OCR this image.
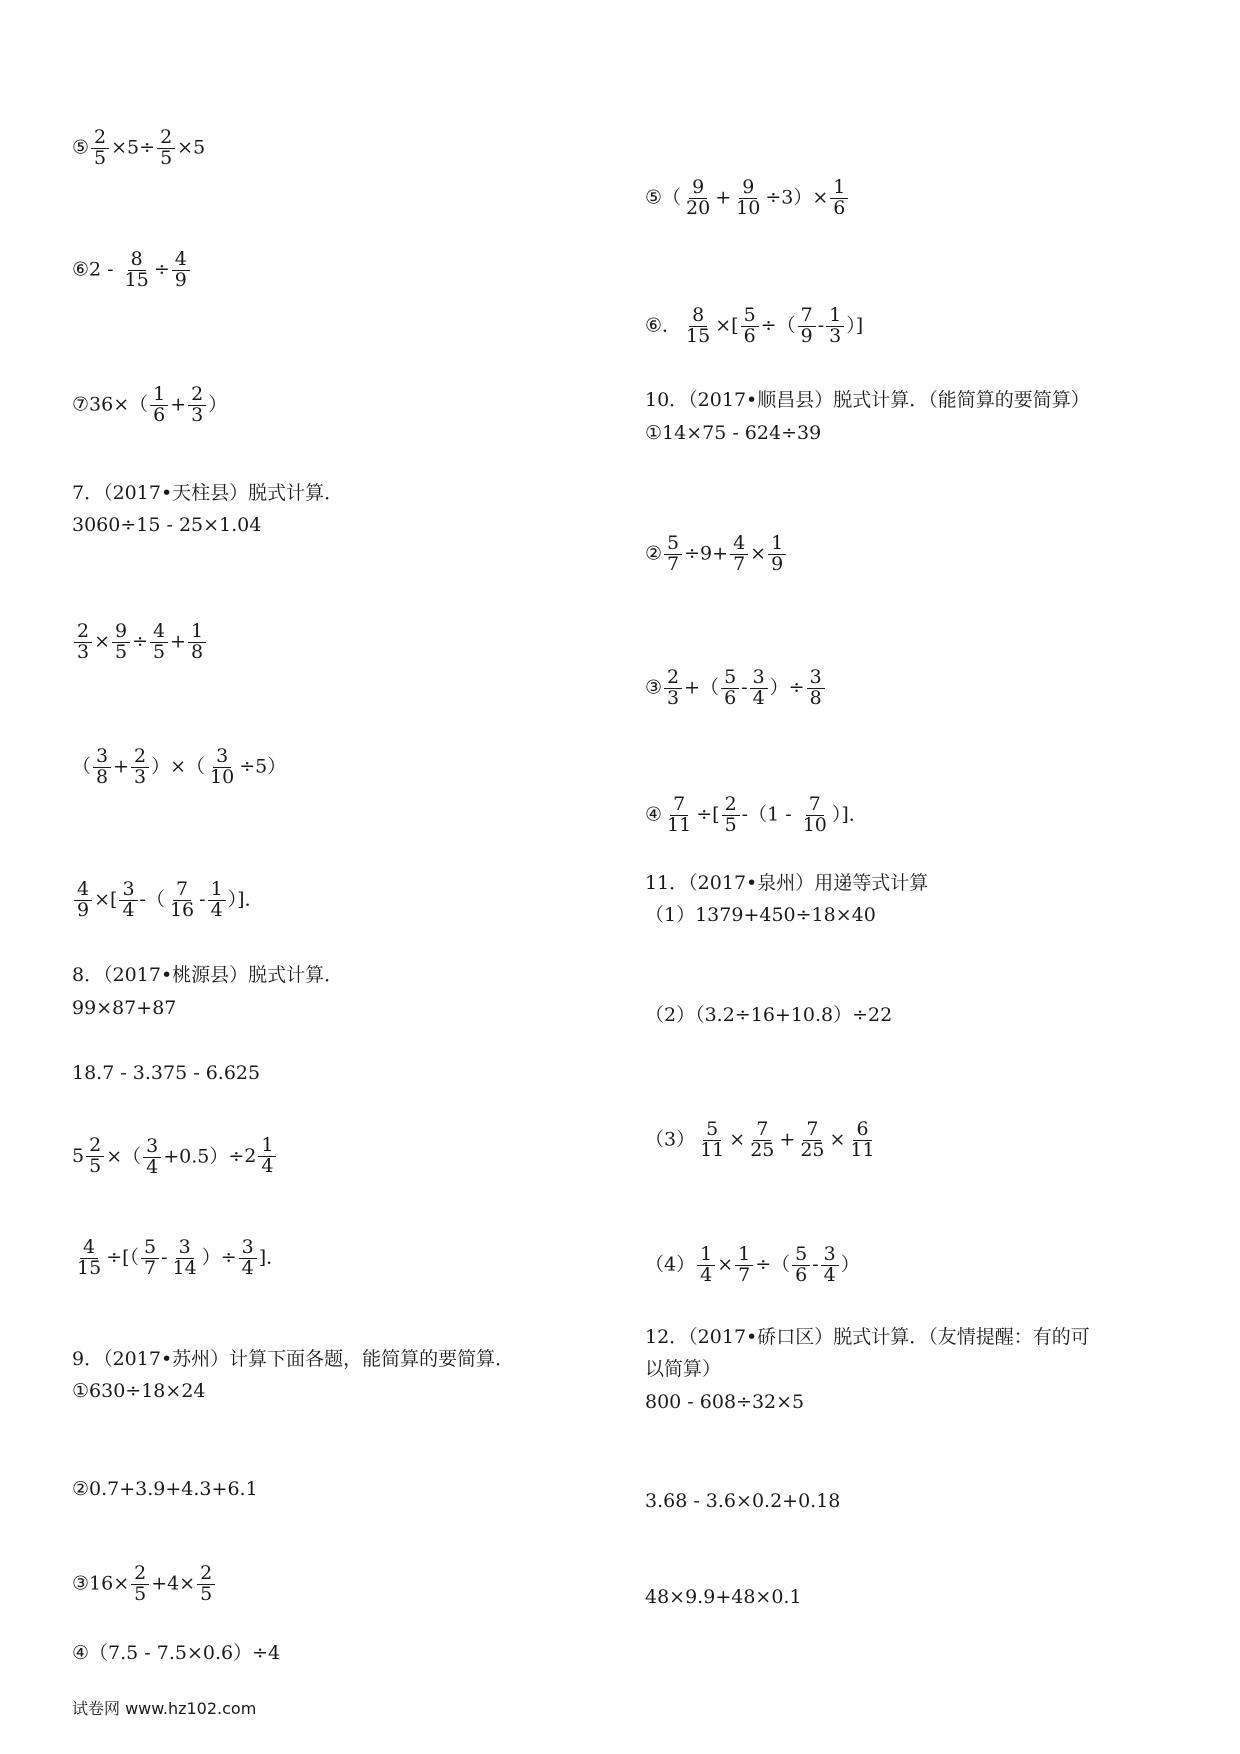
⑤ $\frac{2}{5} \times 5\div \frac{2}{5} \times 5$
⑥2 - $\frac{8}{15} \div \frac{4}{9}$
⑦36×（ $\frac{1}{6} + \frac{2}{3}$ ）
7．（2017•天柱县）脱式计算．
3060÷15 - 25×1.04
$\frac{2}{3} \times \frac{9}{5} \div \frac{4}{5} + \frac{1}{8}$
（ $\frac{3}{8} + \frac{2}{3}$ ）×（ $\frac{3}{10} \div 5$）
$\frac{4}{9}$ ×[ $\frac{3}{4}$ -（ $\frac{7}{16} - \frac{1}{4}$ ）]．
8．（2017•桃源县）脱式计算．
99×87+87
18.7 - 3.375 - 6.625
$5 \frac{2}{5}$ ×（ $\frac{3}{4} +0.5)\div 2 \frac{1}{4}$
$\frac{4}{15}$ ÷[（ $\frac{5}{7} - \frac{3}{14}$ ）÷ $\frac{3}{4}$ ]．
9．（2017•苏州）计算下面各题，能简算的要简算．
①630÷18×24
②0.7+3.9+4.3+6.1
③16× $\frac{2}{5} +4\times \frac{2}{5}$
④（7.5 - 7.5×0.6）÷4
⑤（ $\frac{9}{20} + \frac{9}{10} \div 3)\times \frac{1}{6}$
⑥． $\frac{8}{15}$ ×[ $\frac{5}{6}$ ÷（ $\frac{7}{9} - \frac{1}{3}$ ）]
10．（2017•顺昌县）脱式计算．（能简算的要简算）
①14×75 - 624÷39
② $\frac{5}{7} \div 9+ \frac{4}{7} \times \frac{1}{9}$
③ $\frac{2}{3}$ +（ $\frac{5}{6} - \frac{3}{4}$ ）÷ $\frac{3}{8}$
④ $\frac{7}{11}$ ÷[ $\frac{2}{5} -(1 - \frac{7}{10}$ ）]．
11．（2017•泉州）用递等式计算
（1）1379+450÷18×40
（2）（3.2÷16+10.8）÷22
$(3) \frac{5}{11} \times \frac{7}{25} + \frac{7}{25} \times \frac{6}{11}$
$(4) \frac{1}{4} \times \frac{1}{7}$ ÷（ $\frac{5}{6} - \frac{3}{4}$ ）
12．（2017•硚口区）脱式计算．（友情提醒：有的可
以简算）
800 - 608÷32×5
3.68 - 3.6×0.2+0.18
48×9.9+48×0.1
试卷网 www.hz102.com
